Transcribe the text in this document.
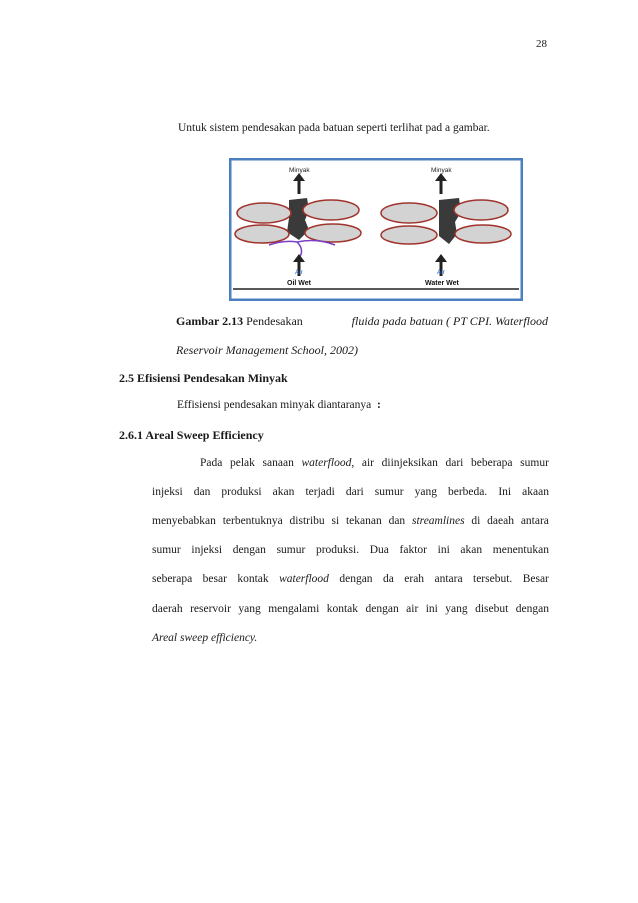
28
Untuk sistem pendesakan pada batuan seperti terlihat pad a gambar.
Minyak	Minyak
Air	Air
Oil Wet	Water Wet
Gambar 2.13 Pendesakan	fluida pada batuan ( PT CPI. Waterflood
Reservoir Management School, 2002)
2.5 Efisiensi Pendesakan Minyak
Effisiensi pendesakan minyak diantaranya :
2.6.1 Areal Sweep Efficiency
Pada pelak sanaan waterflood, air diinjeksikan dari beberapa sumur
injeksi dan produksi akan terjadi dari sumur yang berbeda. Ini akaan
menyebabkan terbentuknya distribu si tekanan dan streamlines di daeah antara
sumur injeksi dengan sumur produksi. Dua faktor ini akan menentukan
seberapa besar kontak waterflood dengan da erah antara tersebut. Besar
daerah reservoir yang mengalami kontak dengan air ini yang disebut dengan
Areal sweep efficiency.
